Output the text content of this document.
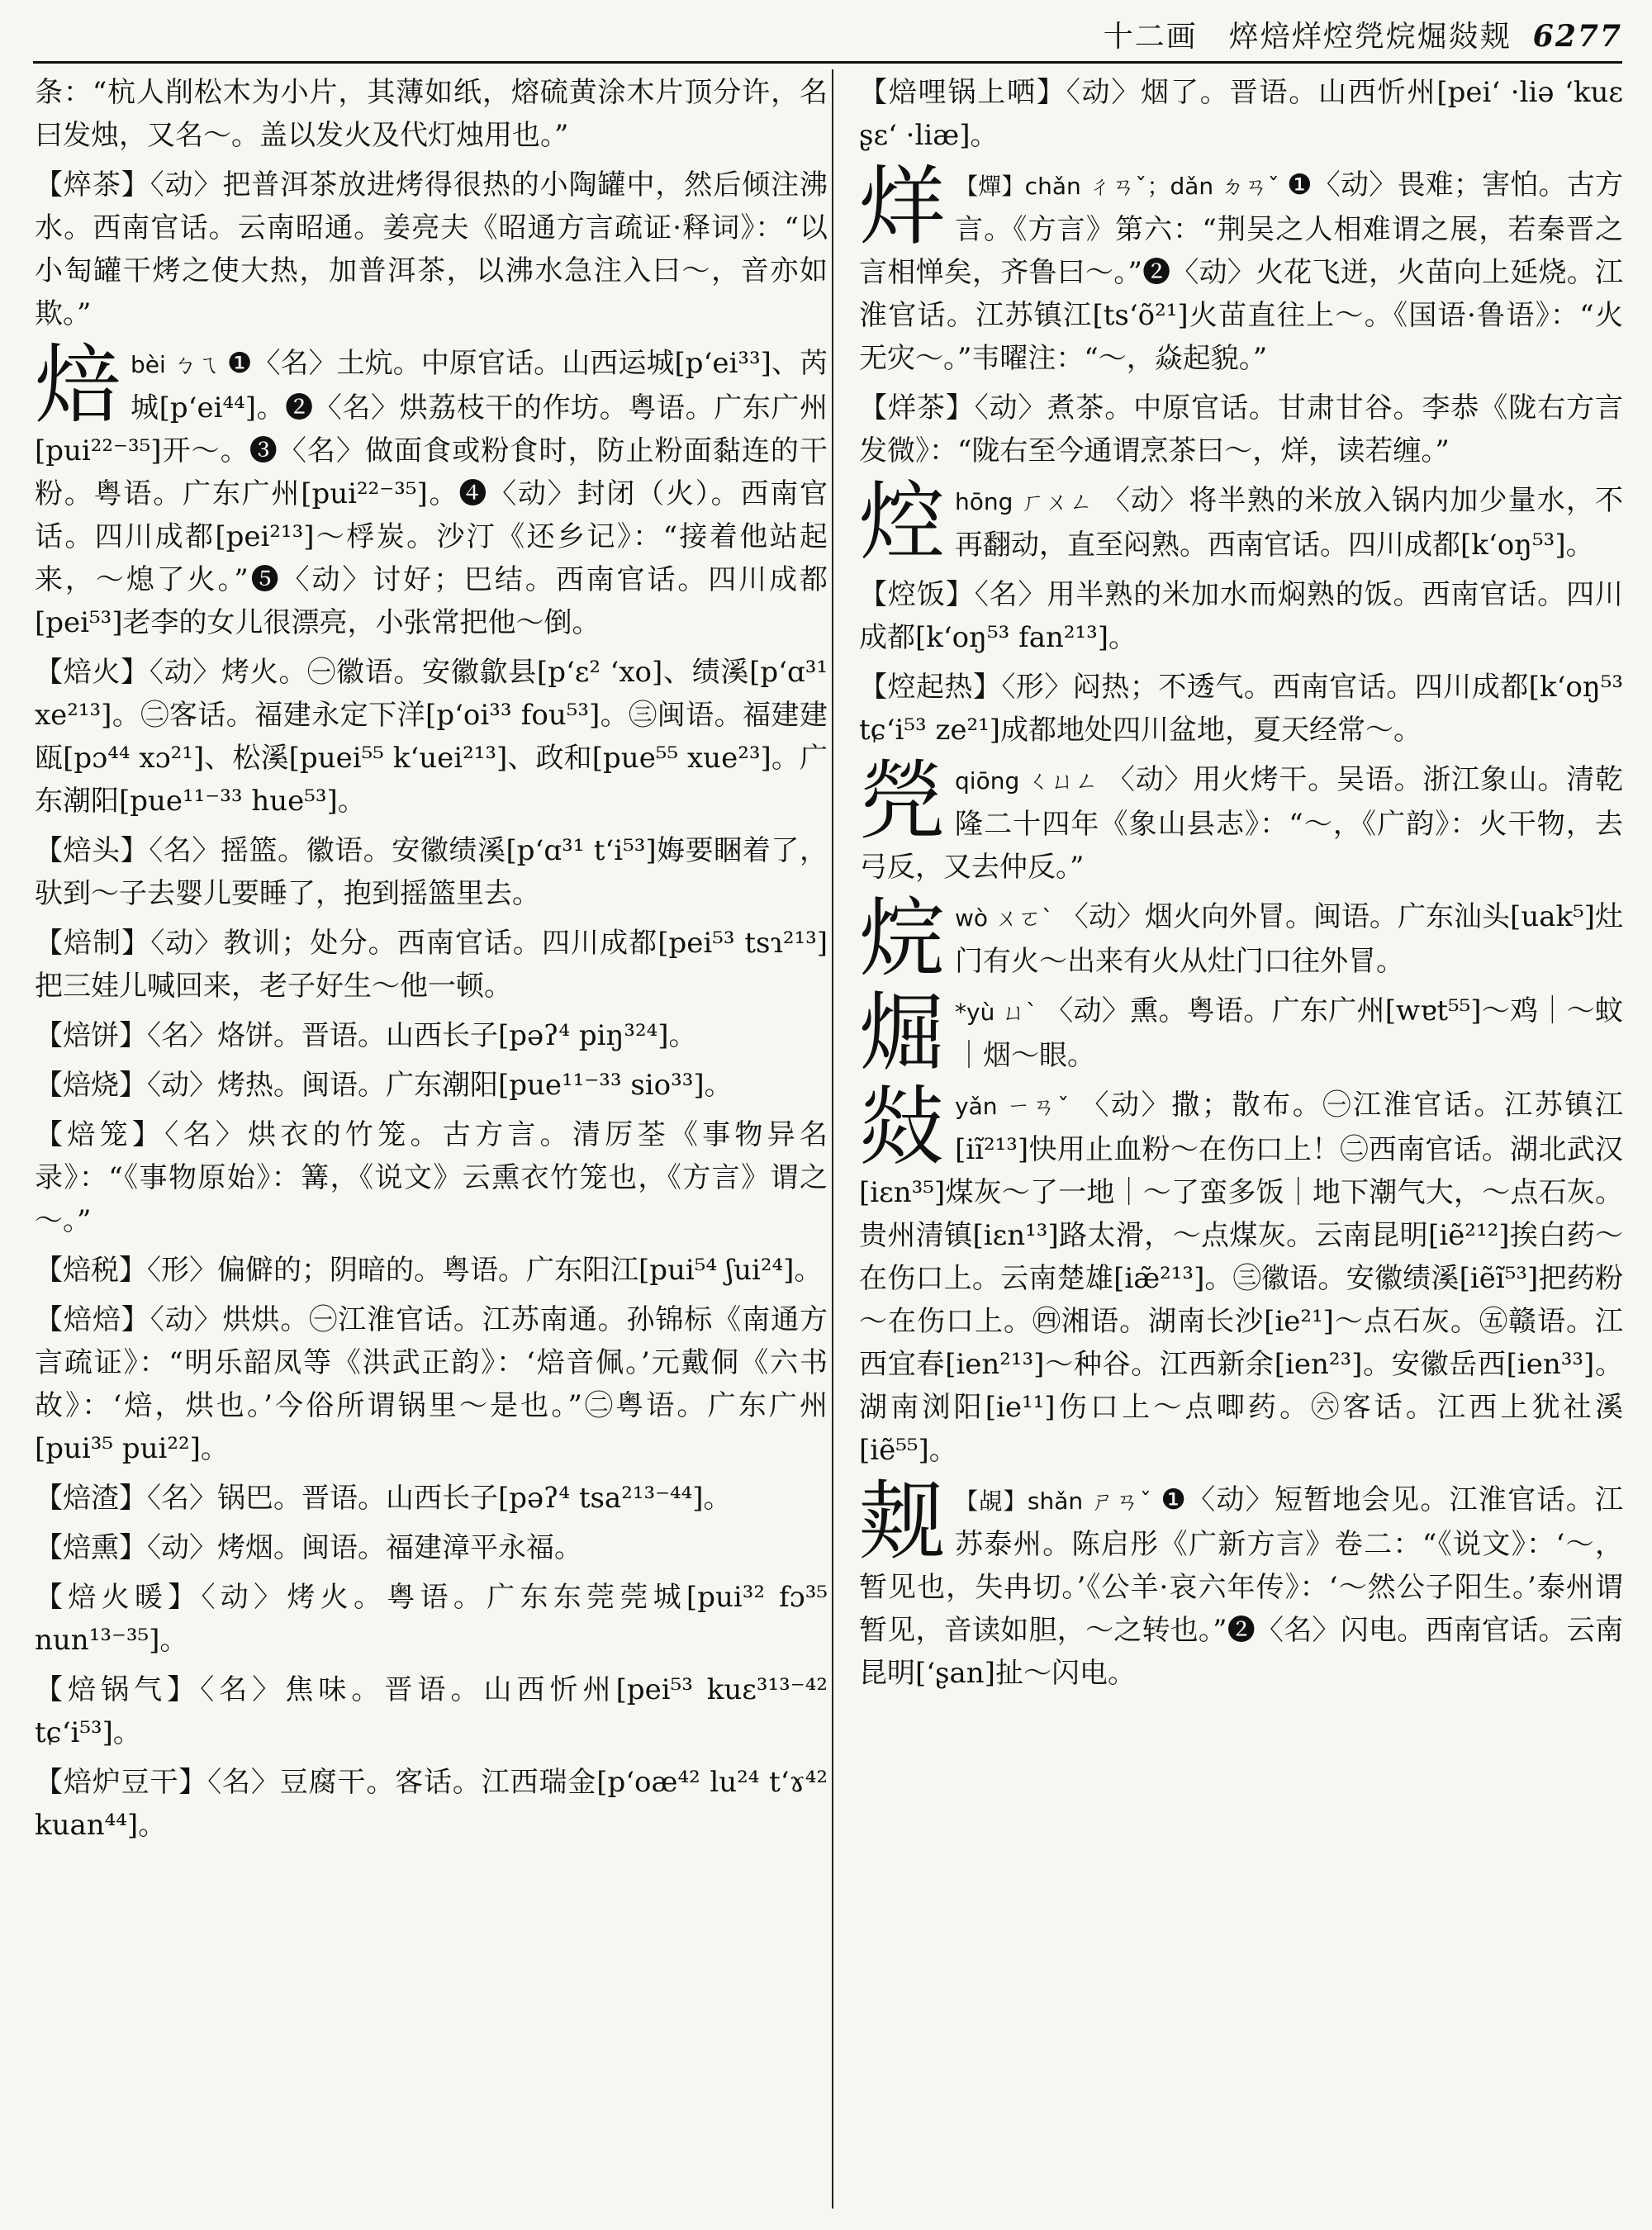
十二画　焠焙烊焢焭烷煀敥觌 6277
条：“杭人削松木为小片，其薄如纸，熔硫黄涂木片顶分许，名曰发烛，又名～。盖以发火及代灯烛用也。”
【焠茶】〈动〉把普洱茶放进烤得很热的小陶罐中，然后倾注沸水。西南官话。云南昭通。姜亮夫《昭通方言疏证·释词》：“以小匋罐干烤之使大热，加普洱茶，以沸水急注入曰～，音亦如欺。”
焙bèi ㄅㄟ ❶〈名〉土炕。中原官话。山西运城[p‘ei³³]、芮城[p‘ei⁴⁴]。❷〈名〉烘荔枝干的作坊。粤语。广东广州[pui²²⁻³⁵]开～。❸〈名〉做面食或粉食时，防止粉面黏连的干粉。粤语。广东广州[pui²²⁻³⁵]。❹〈动〉封闭（火）。西南官话。四川成都[pei²¹³]～桴炭。沙汀《还乡记》：“接着他站起来，～熄了火。”❺〈动〉讨好；巴结。西南官话。四川成都[pei⁵³]老李的女儿很漂亮，小张常把他～倒。
【焙火】〈动〉烤火。㊀徽语。安徽歙县[p‘ɛ² ‘xo]、绩溪[p‘ɑ³¹ xe²¹³]。㊁客话。福建永定下洋[p‘oi³³ fou⁵³]。㊂闽语。福建建瓯[pɔ⁴⁴ xɔ²¹]、松溪[puei⁵⁵ k‘uei²¹³]、政和[pue⁵⁵ xue²³]。广东潮阳[pue¹¹⁻³³ hue⁵³]。
【焙头】〈名〉摇篮。徽语。安徽绩溪[p‘ɑ³¹ t‘i⁵³]娒要睏着了，驮到～子去婴儿要睡了，抱到摇篮里去。
【焙制】〈动〉教训；处分。西南官话。四川成都[pei⁵³ tsɿ²¹³]把三娃儿喊回来，老子好生～他一顿。
【焙饼】〈名〉烙饼。晋语。山西长子[pəʔ⁴ piŋ³²⁴]。
【焙烧】〈动〉烤热。闽语。广东潮阳[pue¹¹⁻³³ sio³³]。
【焙笼】〈名〉烘衣的竹笼。古方言。清厉荃《事物异名录》：“《事物原始》：篝，《说文》云熏衣竹笼也，《方言》谓之～。”
【焙税】〈形〉偏僻的；阴暗的。粤语。广东阳江[pui⁵⁴ ʃui²⁴]。
【焙焙】〈动〉烘烘。㊀江淮官话。江苏南通。孙锦标《南通方言疏证》：“明乐韶凤等《洪武正韵》：‘焙音佩。’元戴侗《六书故》：‘焙，烘也。’今俗所谓锅里～是也。”㊁粤语。广东广州[pui³⁵ pui²²]。
【焙渣】〈名〉锅巴。晋语。山西长子[pəʔ⁴ tsa²¹³⁻⁴⁴]。
【焙熏】〈动〉烤烟。闽语。福建漳平永福。
【焙火暖】〈动〉烤火。粤语。广东东莞莞城[pui³² fɔ³⁵ nun¹³⁻³⁵]。
【焙锅气】〈名〉焦味。晋语。山西忻州[pei⁵³ kuɛ³¹³⁻⁴² tɕ‘i⁵³]。
【焙炉豆干】〈名〉豆腐干。客话。江西瑞金[p‘oæ⁴² lu²⁴ t‘ɤ⁴² kuan⁴⁴]。
【焙哩锅上哂】〈动〉烟了。晋语。山西忻州[pei‘ ·liə ‘kuɛ ʂɛ‘ ·liæ]。
烊 【燀】chǎn ㄔㄢˇ；dǎn ㄉㄢˇ ❶〈动〉畏难；害怕。古方言。《方言》第六：“荆吴之人相难谓之展，若秦晋之言相惮矣，齐鲁曰～。”❷〈动〉火花飞迸，火苗向上延烧。江淮官话。江苏镇江[ts‘õ²¹]火苗直往上～。《国语·鲁语》：“火无灾～。”韦曜注：“～，焱起貌。”
【烊茶】〈动〉煮茶。中原官话。甘肃甘谷。李恭《陇右方言发微》：“陇右至今通谓烹茶曰～，烊，读若缠。”
焢hōng ㄏㄨㄥ 〈动〉将半熟的米放入锅内加少量水，不再翻动，直至闷熟。西南官话。四川成都[k‘oŋ⁵³]。
【焢饭】〈名〉用半熟的米加水而焖熟的饭。西南官话。四川成都[k‘oŋ⁵³ fan²¹³]。
【焢起热】〈形〉闷热；不透气。西南官话。四川成都[k‘oŋ⁵³ tɕ‘i⁵³ ze²¹]成都地处四川盆地，夏天经常～。
焭qiōng ㄑㄩㄥ 〈动〉用火烤干。吴语。浙江象山。清乾隆二十四年《象山县志》：“～，《广韵》：火干物，去弓反，又去仲反。”
烷wò ㄨㄛˋ 〈动〉烟火向外冒。闽语。广东汕头[uak⁵]灶门有火～出来有火从灶门口往外冒。
煀 *yù ㄩˋ 〈动〉熏。粤语。广东广州[wɐt⁵⁵]～鸡｜～蚊｜烟～眼。
敥yǎn ㄧㄢˇ 〈动〉撒；散布。㊀江淮官话。江苏镇江[iĩ²¹³]快用止血粉～在伤口上！㊁西南官话。湖北武汉[iɛn³⁵]煤灰～了一地｜～了蛮多饭｜地下潮气大，～点石灰。贵州清镇[iɛn¹³]路太滑，～点煤灰。云南昆明[iẽ²¹²]挨白药～在伤口上。云南楚雄[iæ̃²¹³]。㊂徽语。安徽绩溪[iẽĩ⁵³]把药粉～在伤口上。㊃湘语。湖南长沙[ie²¹]～点石灰。㊄赣语。江西宜春[ien²¹³]～种谷。江西新余[ien²³]。安徽岳西[ien³³]。湖南浏阳[ie¹¹]伤口上～点唧药。㊅客话。江西上犹社溪[iẽ⁵⁵]。
觌 【覘】shǎn ㄕㄢˇ ❶〈动〉短暂地会见。江淮官话。江苏泰州。陈启彤《广新方言》卷二：“《说文》：‘～，暂见也，失冉切。’《公羊·哀六年传》：‘～然公子阳生。’泰州谓暂见，音读如胆，～之转也。”❷〈名〉闪电。西南官话。云南昆明[‘ʂan]扯～闪电。
